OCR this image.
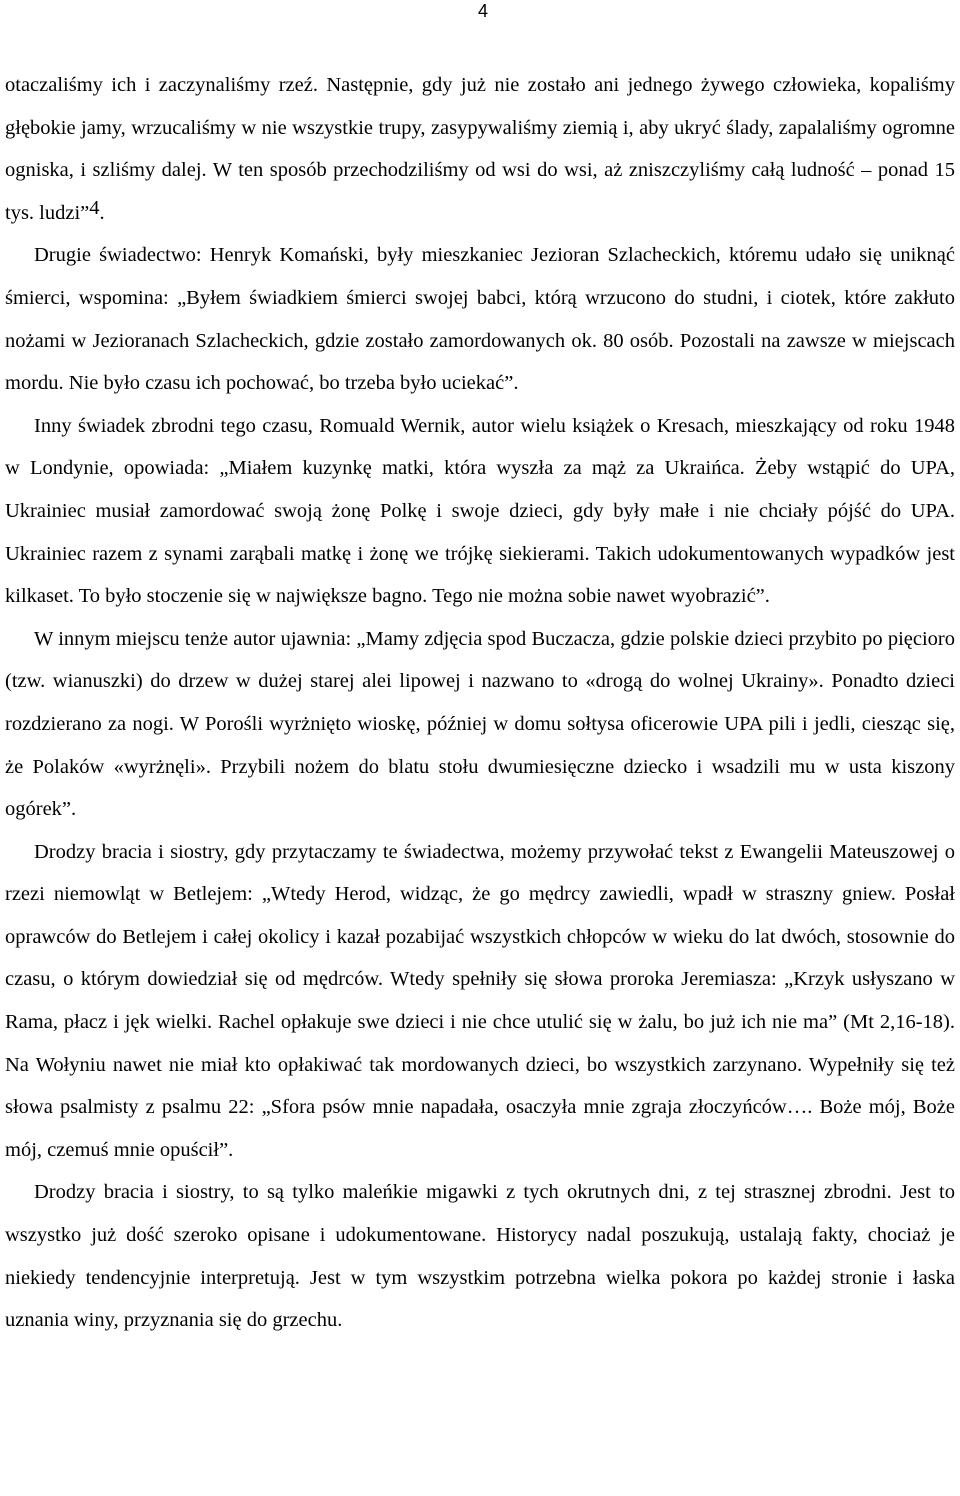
4

otaczaliśmy ich i zaczynaliśmy rzeź. Następnie, gdy już nie zostało ani jednego żywego człowieka, kopaliśmy głębokie jamy, wrzucaliśmy w nie wszystkie trupy, zasypywaliśmy ziemią i, aby ukryć ślady, zapalaliśmy ogromne ogniska, i szliśmy dalej. W ten sposób przechodziliśmy od wsi do wsi, aż zniszczyliśmy całą ludność – ponad 15 tys. ludzi”4.

Drugie świadectwo: Henryk Komański, były mieszkaniec Jezioran Szlacheckich, któremu udało się uniknąć śmierci, wspomina: „Byłem świadkiem śmierci swojej babci, którą wrzucono do studni, i ciotek, które zakłuto nożami w Jezioranach Szlacheckich, gdzie zostało zamordowanych ok. 80 osób. Pozostali na zawsze w miejscach mordu. Nie było czasu ich pochować, bo trzeba było uciekać”.

Inny świadek zbrodni tego czasu, Romuald Wernik, autor wielu książek o Kresach, mieszkający od roku 1948 w Londynie, opowiada: „Miałem kuzynkę matki, która wyszła za mąż za Ukraińca. Żeby wstąpić do UPA, Ukrainiec musiał zamordować swoją żonę Polkę i swoje dzieci, gdy były małe i nie chciały pójść do UPA. Ukrainiec razem z synami zarąbali matkę i żonę we trójkę siekierami. Takich udokumentowanych wypadków jest kilkaset. To było stoczenie się w największe bagno. Tego nie można sobie nawet wyobrazić”.

W innym miejscu tenże autor ujawnia: „Mamy zdjęcia spod Buczacza, gdzie polskie dzieci przybito po pięcioro (tzw. wianuszki) do drzew w dużej starej alei lipowej i nazwano to «drogą do wolnej Ukrainy». Ponadto dzieci rozdzierano za nogi. W Porośli wyrżnięto wioskę, później w domu sołtysa oficerowie UPA pili i jedli, ciesząc się, że Polaków «wyrżnęli». Przybili nożem do blatu stołu dwumiesięczne dziecko i wsadzili mu w usta kiszony ogórek”.

Drodzy bracia i siostry, gdy przytaczamy te świadectwa, możemy przywołać tekst z Ewangelii Mateuszowej o rzezi niemowląt w Betlejem: „Wtedy Herod, widząc, że go mędrcy zawiedli, wpadł w straszny gniew. Posłał oprawców do Betlejem i całej okolicy i kazał pozabijać wszystkich chłopców w wieku do lat dwóch, stosownie do czasu, o którym dowiedział się od mędrców. Wtedy spełniły się słowa proroka Jeremiasza: „Krzyk usłyszano w Rama, płacz i jęk wielki. Rachel opłakuje swe dzieci i nie chce utulić się w żalu, bo już ich nie ma” (Mt 2,16-18). Na Wołyniu nawet nie miał kto opłakiwać tak mordowanych dzieci, bo wszystkich zarzynano. Wypełniły się też słowa psalmisty z psalmu 22: „Sfora psów mnie napadała, osaczyła mnie zgraja złoczyńców…. Boże mój, Boże mój, czemuś mnie opuścił”.

Drodzy bracia i siostry, to są tylko maleńkie migawki z tych okrutnych dni, z tej strasznej zbrodni. Jest to wszystko już dość szeroko opisane i udokumentowane. Historycy nadal poszukują, ustalają fakty, chociaż je niekiedy tendencyjnie interpretują. Jest w tym wszystkim potrzebna wielka pokora po każdej stronie i łaska uznania winy, przyznania się do grzechu.
